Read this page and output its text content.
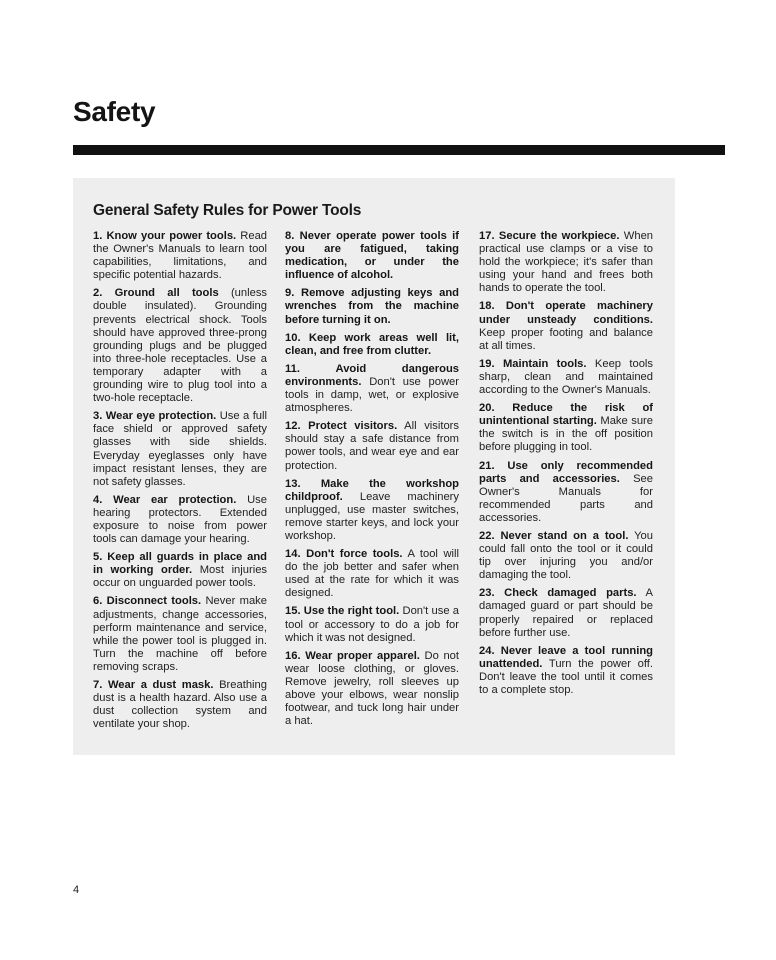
Safety
General Safety Rules for Power Tools

1. Know your power tools. Read the Owner's Manuals to learn tool capabilities, limitations, and specific potential hazards.

2. Ground all tools (unless double insulated). Grounding prevents electrical shock. Tools should have approved three-prong grounding plugs and be plugged into three-hole receptacles. Use a temporary adapter with a grounding wire to plug tool into a two-hole receptacle.

3. Wear eye protection. Use a full face shield or approved safety glasses with side shields. Everyday eyeglasses only have impact resistant lenses, they are not safety glasses.

4. Wear ear protection. Use hearing protectors. Extended exposure to noise from power tools can damage your hearing.

5. Keep all guards in place and in working order. Most injuries occur on unguarded power tools.

6. Disconnect tools. Never make adjustments, change accessories, perform maintenance and service, while the power tool is plugged in. Turn the machine off before removing scraps.

7. Wear a dust mask. Breathing dust is a health hazard. Also use a dust collection system and ventilate your shop.

8. Never operate power tools if you are fatigued, taking medication, or under the influence of alcohol.

9. Remove adjusting keys and wrenches from the machine before turning it on.

10. Keep work areas well lit, clean, and free from clutter.

11.	Avoid dangerous environments. Don't use power tools in damp, wet, or explosive atmospheres.

12. Protect visitors. All visitors should stay a safe distance from power tools, and wear eye and ear protection.

13. Make the workshop childproof. Leave machinery unplugged, use master switches, remove starter keys, and lock your workshop.

14. Don't force tools. A tool will do the job better and safer when used at the rate for which it was designed.

15. Use the right tool. Don't use a tool or accessory to do a job for which it was not designed.

16. Wear proper apparel. Do not wear loose clothing, or gloves. Remove jewelry, roll sleeves up above your elbows, wear nonslip footwear, and tuck long hair under a hat.

17. Secure the workpiece. When practical use clamps or a vise to hold the workpiece; it's safer than using your hand and frees both hands to operate the tool.

18. Don't operate machinery under unsteady conditions. Keep proper footing and balance at all times.

19. Maintain tools. Keep tools sharp, clean and maintained according to the Owner's Manuals.

20. Reduce the risk of unintentional starting. Make sure the switch is in the off position before plugging in tool.

21. Use only recommended parts and accessories. See Owner's Manuals for recommended parts and accessories.

22. Never stand on a tool. You could fall onto the tool or it could tip over injuring you and/or damaging the tool.

23. Check damaged parts. A damaged guard or part should be properly repaired or replaced before further use.

24. Never leave a tool running unattended. Turn the power off. Don't leave the tool until it comes to a complete stop.

4
